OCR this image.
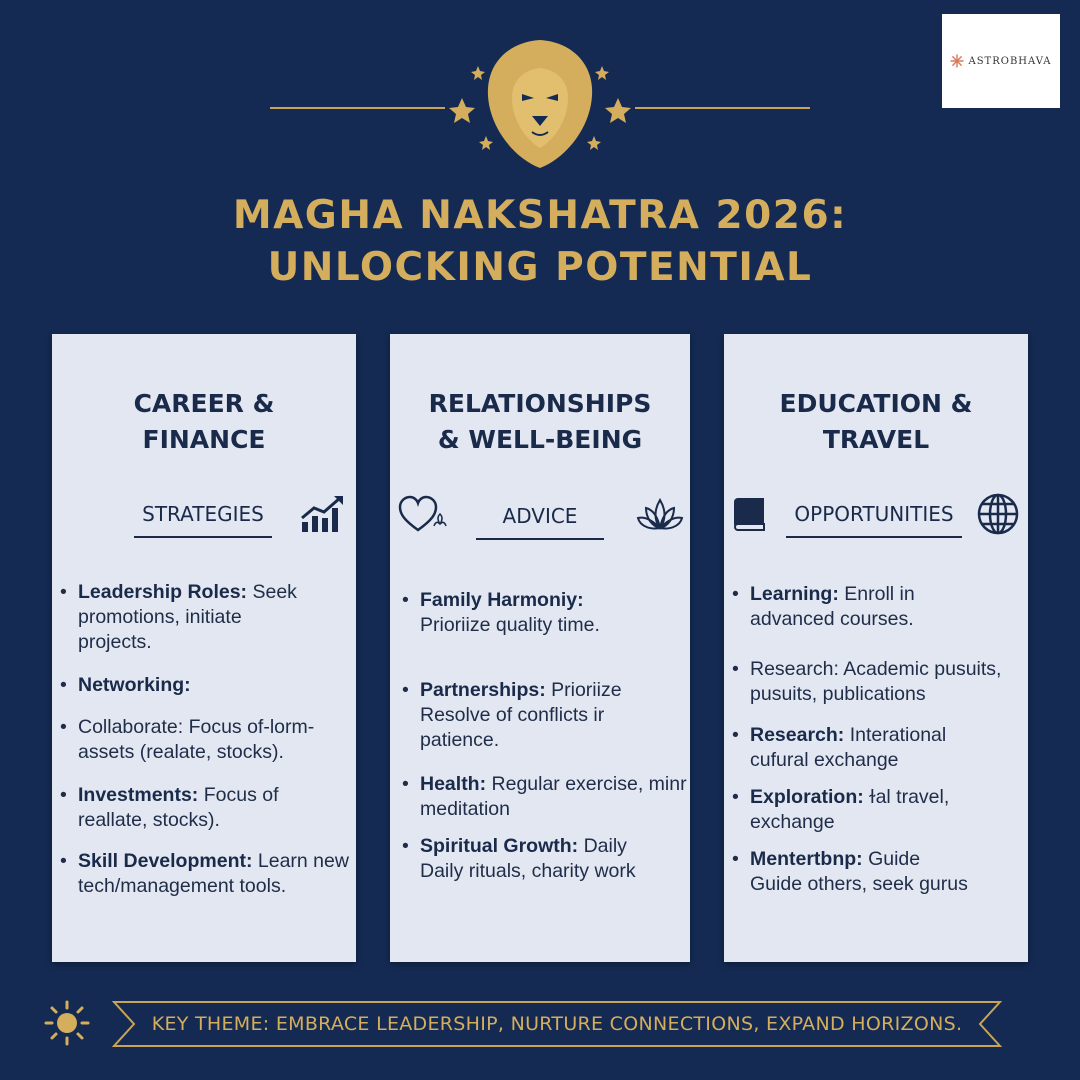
ASTROBHAVA
MAGHA NAKSHATRA 2026:
UNLOCKING POTENTIAL
CAREER &
FINANCE
STRATEGIES
• Leadership Roles: Seek
promotions, initiate
projects.
• Networking:
• Collaborate: Focus of-lorm-
assets (realate, stocks).
• Investments: Focus of
reallate, stocks).
• Skill Development: Learn new
tech/management tools.
RELATIONSHIPS
& WELL-BEING
ADVICE
• Family Harmoniy:
Prioriize quality time.
• Partnerships: Prioriize
Resolve of conflicts ir
patience.
• Health: Regular exercise, minr
meditation
• Spiritual Growth: Daily
Daily rituals, charity work
EDUCATION &
TRAVEL
OPPORTUNITIES
• Learning: Enroll in
advanced courses.
• Research: Academic pusuits,
pusuits, publications
• Research: Interational
cufural exchange
• Exploration: ɫal travel,
exchange
• Mentertbnp: Guide
Guide others, seek gurus
KEY THEME: EMBRACE LEADERSHIP, NURTURE CONNECTIONS, EXPAND HORIZONS.
